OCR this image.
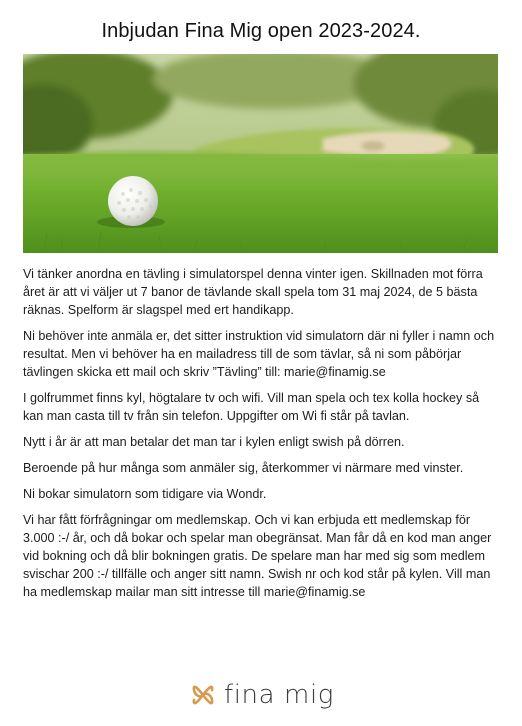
Inbjudan Fina Mig open 2023-2024.

Vi tänker anordna en tävling i simulatorspel denna vinter igen. Skillnaden mot förra året är att vi väljer ut 7 banor de tävlande skall spela tom 31 maj 2024, de 5 bästa räknas. Spelform är slagspel med ert handikapp.

Ni behöver inte anmäla er, det sitter instruktion vid simulatorn där ni fyller i namn och resultat. Men vi behöver ha en mailadress till de som tävlar, så ni som påbörjar tävlingen skicka ett mail och skriv ”Tävling” till: marie@finamig.se

I golfrummet finns kyl, högtalare tv och wifi. Vill man spela och tex kolla hockey så kan man casta till tv från sin telefon. Uppgifter om Wi fi står på tavlan.

Nytt i år är att man betalar det man tar i kylen enligt swish på dörren.

Beroende på hur många som anmäler sig, återkommer vi närmare med vinster.

Ni bokar simulatorn som tidigare via Wondr.

Vi har fått förfrågningar om medlemskap. Och vi kan erbjuda ett medlemskap för 3.000 :-/ år, och då bokar och spelar man obegränsat. Man får då en kod man anger vid bokning och då blir bokningen gratis. De spelare man har med sig som medlem svischar 200 :-/ tillfälle och anger sitt namn. Swish nr och kod står på kylen. Vill man ha medlemskap mailar man sitt intresse till marie@finamig.se

fina mig
